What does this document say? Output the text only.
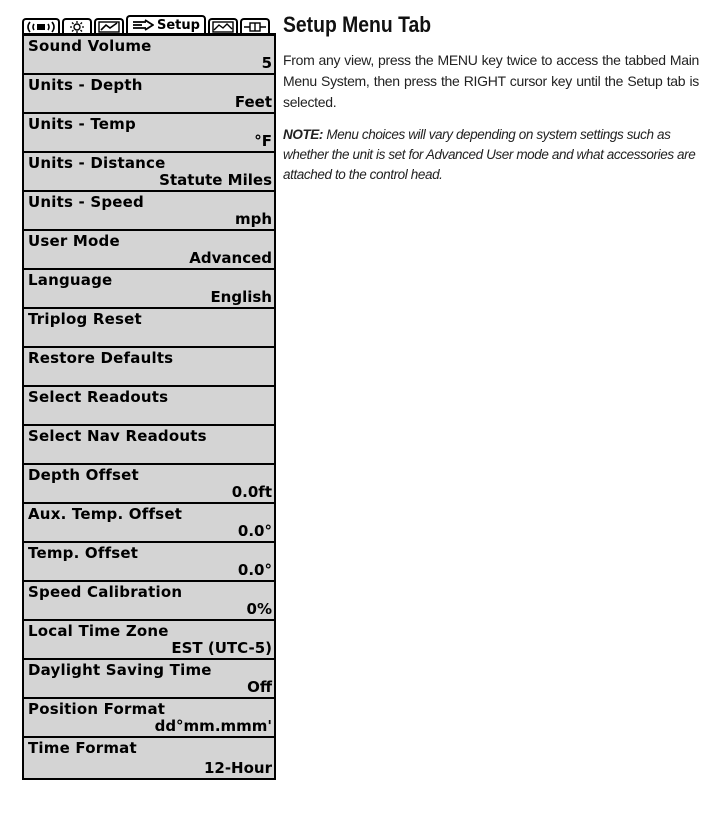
Setup
Sound Volume
5
Units - Depth
Feet
Units - Temp
°F
Units - Distance
Statute Miles
Units - Speed
mph
User Mode
Advanced
Language
English
Triplog Reset
Restore Defaults
Select Readouts
Select Nav Readouts
Depth Offset
0.0ft
Aux. Temp. Offset
0.0°
Temp. Offset
0.0°
Speed Calibration
0%
Local Time Zone
EST (UTC-5)
Daylight Saving Time
Off
Position Format
dd°mm.mmm'
Time Format
12-Hour
Setup Menu Tab

From any view, press the MENU key twice to access the tabbed Main Menu System, then press the RIGHT cursor key until the Setup tab is selected.

NOTE: Menu choices will vary depending on system settings such as whether the unit is set for Advanced User mode and what accessories are attached to the control head.
